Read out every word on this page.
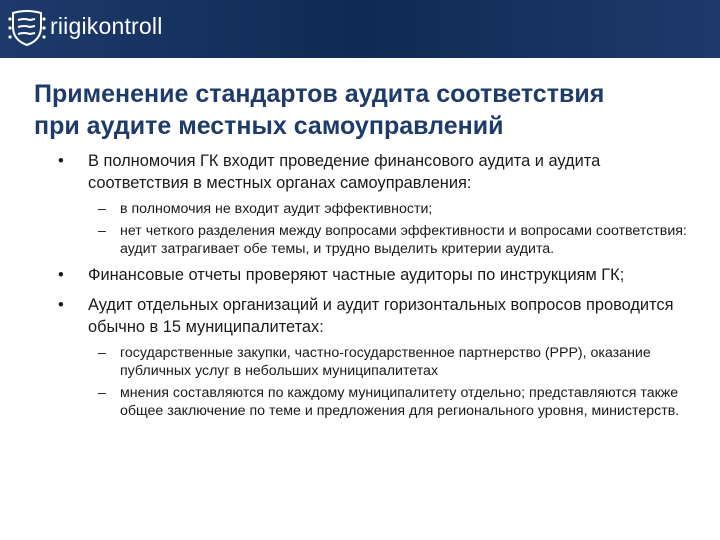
riigikontroll
Применение стандартов аудита соответствия
при аудите местных самоуправлений
• В полномочия ГК входит проведение финансового аудита и аудита соответствия в местных органах самоуправления:
– в полномочия не входит аудит эффективности;
– нет четкого разделения между вопросами эффективности и вопросами соответствия: аудит затрагивает обе темы, и трудно выделить критерии аудита.
• Финансовые отчеты проверяют частные аудиторы по инструкциям ГК;
• Аудит отдельных организаций и аудит горизонтальных вопросов проводится обычно в 15 муниципалитетах:
– государственные закупки, частно-государственное партнерство (PPP), оказание публичных услуг в небольших муниципалитетах
– мнения составляются по каждому муниципалитету отдельно; представляются также общее заключение по теме и предложения для регионального уровня, министерств.
